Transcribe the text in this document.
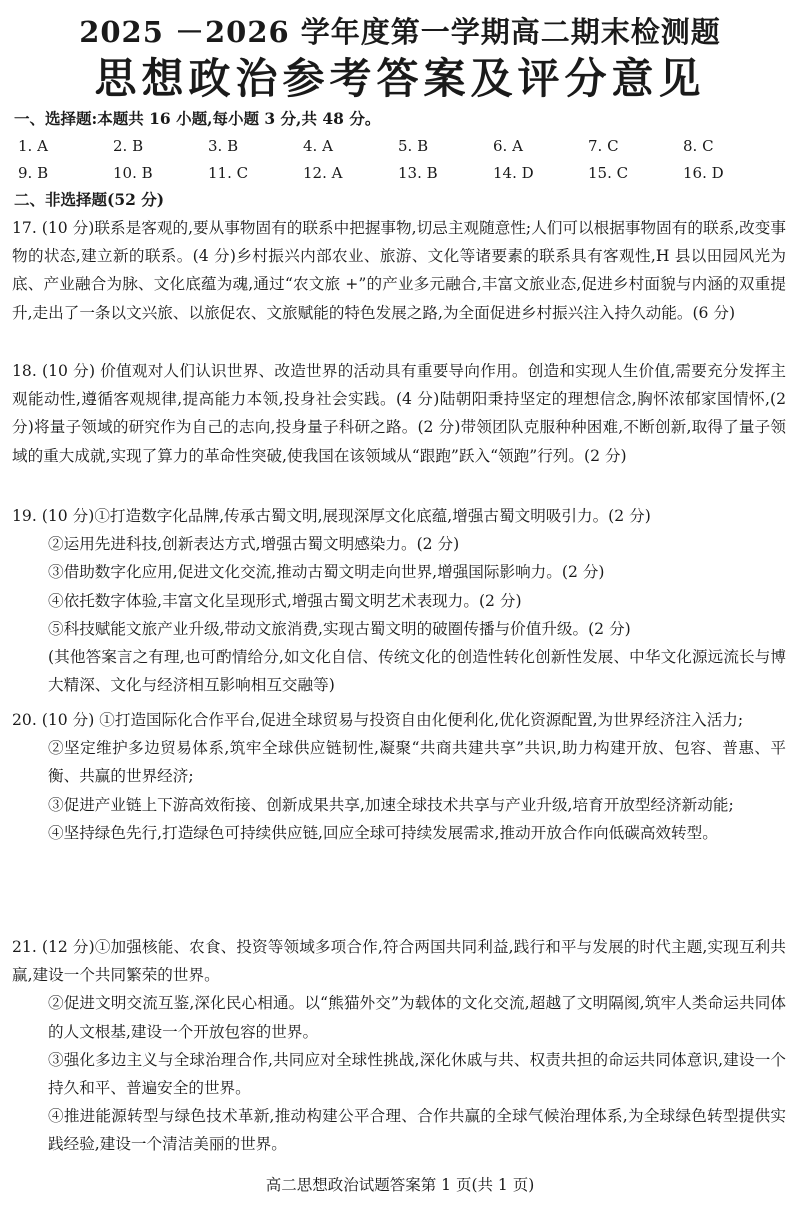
2025 －2026 学年度第一学期高二期末检测题
思想政治参考答案及评分意见
一、选择题:本题共 16 小题,每小题 3 分,共 48 分。
1. A	2. B	3. B	4. A	5. B	6. A	7. C	8. C
9. B	10. B	11. C	12. A	13. B	14. D	15. C	16. D
二、非选择题(52 分)

17. (10 分)联系是客观的,要从事物固有的联系中把握事物,切忌主观随意性;人们可以根据事物固有的联系,改变事物的状态,建立新的联系。(4 分)乡村振兴内部农业、旅游、文化等诸要素的联系具有客观性,H 县以田园风光为底、产业融合为脉、文化底蕴为魂,通过“农文旅 +”的产业多元融合,丰富文旅业态,促进乡村面貌与内涵的双重提升,走出了一条以文兴旅、以旅促农、文旅赋能的特色发展之路,为全面促进乡村振兴注入持久动能。(6 分)

18. (10 分) 价值观对人们认识世界、改造世界的活动具有重要导向作用。创造和实现人生价值,需要充分发挥主观能动性,遵循客观规律,提高能力本领,投身社会实践。(4 分)陆朝阳秉持坚定的理想信念,胸怀浓郁家国情怀,(2 分)将量子领域的研究作为自己的志向,投身量子科研之路。(2 分)带领团队克服种种困难,不断创新,取得了量子领域的重大成就,实现了算力的革命性突破,使我国在该领域从“跟跑”跃入“领跑”行列。(2 分)

19. (10 分)①打造数字化品牌,传承古蜀文明,展现深厚文化底蕴,增强古蜀文明吸引力。(2 分)

②运用先进科技,创新表达方式,增强古蜀文明感染力。(2 分)

③借助数字化应用,促进文化交流,推动古蜀文明走向世界,增强国际影响力。(2 分)

④依托数字体验,丰富文化呈现形式,增强古蜀文明艺术表现力。(2 分)

⑤科技赋能文旅产业升级,带动文旅消费,实现古蜀文明的破圈传播与价值升级。(2 分)

(其他答案言之有理,也可酌情给分,如文化自信、传统文化的创造性转化创新性发展、中华文化源远流长与博大精深、文化与经济相互影响相互交融等)

20. (10 分) ①打造国际化合作平台,促进全球贸易与投资自由化便利化,优化资源配置,为世界经济注入活力;

②坚定维护多边贸易体系,筑牢全球供应链韧性,凝聚“共商共建共享”共识,助力构建开放、包容、普惠、平衡、共赢的世界经济;

③促进产业链上下游高效衔接、创新成果共享,加速全球技术共享与产业升级,培育开放型经济新动能;

④坚持绿色先行,打造绿色可持续供应链,回应全球可持续发展需求,推动开放合作向低碳高效转型。

21. (12 分)①加强核能、农食、投资等领域多项合作,符合两国共同利益,践行和平与发展的时代主题,实现互利共赢,建设一个共同繁荣的世界。

②促进文明交流互鉴,深化民心相通。以“熊猫外交”为载体的文化交流,超越了文明隔阂,筑牢人类命运共同体的人文根基,建设一个开放包容的世界。

③强化多边主义与全球治理合作,共同应对全球性挑战,深化休戚与共、权责共担的命运共同体意识,建设一个持久和平、普遍安全的世界。

④推进能源转型与绿色技术革新,推动构建公平合理、合作共赢的全球气候治理体系,为全球绿色转型提供实践经验,建设一个清洁美丽的世界。

高二思想政治试题答案第 1 页(共 1 页)
